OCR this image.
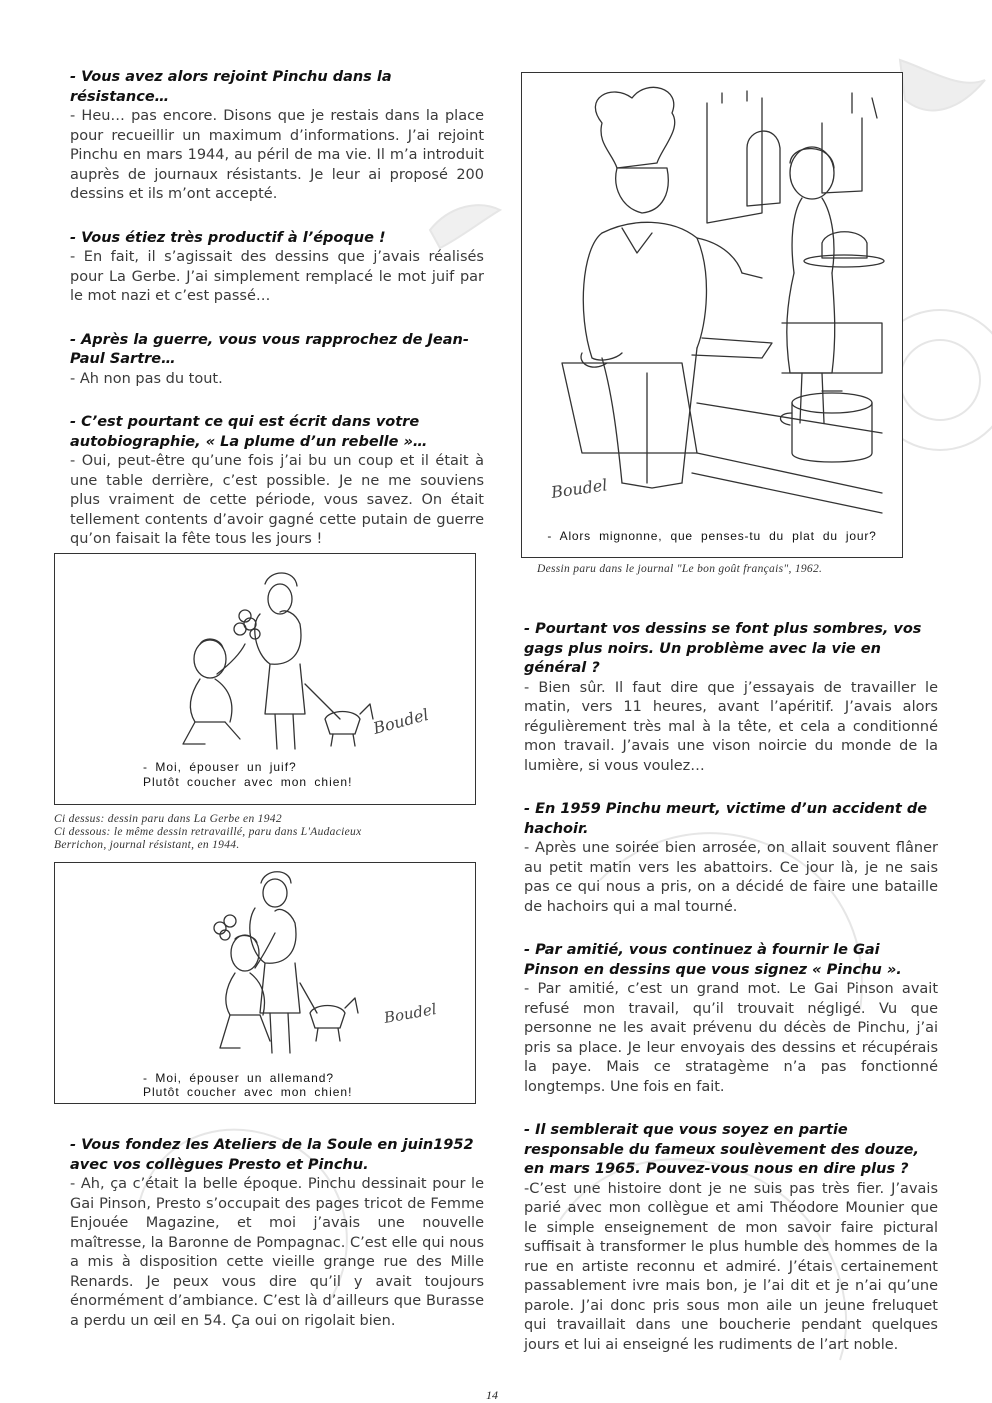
- Vous avez alors rejoint Pinchu dans la résistance…
- Heu… pas encore. Disons que je restais dans la place pour recueillir un maximum d’informations. J’ai rejoint Pinchu en mars 1944, au péril de ma vie. Il m’a introduit auprès de journaux résistants. Je leur ai proposé 200 dessins et ils m’ont accepté.
- Vous étiez très productif à l’époque !
- En fait, il s’agissait des dessins que j’avais réalisés pour La Gerbe. J’ai simplement remplacé le mot juif par le mot nazi et c’est passé…
- Après la guerre, vous vous rapprochez de Jean-Paul Sartre…
- Ah non pas du tout.
- C’est pourtant ce qui est écrit dans votre autobiographie, « La plume d’un rebelle »…
- Oui, peut-être qu’une fois j’ai bu un coup et il était à une table derrière, c’est possible. Je ne me souviens plus vraiment de cette période, vous savez. On était tellement contents d’avoir gagné cette putain de guerre qu’on faisait la fête tous les jours !
Boudel
- Alors mignonne, que penses-tu du plat du jour?
Dessin paru dans le journal "Le bon goût français", 1962.
- Pourtant vos dessins se font plus sombres, vos gags plus noirs. Un problème avec la vie en général ?
- Bien sûr. Il faut dire que j’essayais de travailler le matin, vers 11 heures, avant l’apéritif. J’avais alors régulièrement très mal à la tête, et cela a conditionné mon travail. J’avais une vison noircie du monde de la lumière, si vous voulez…
- En 1959 Pinchu meurt, victime d’un accident de hachoir.
- Après une soirée bien arrosée, on allait souvent flâner au petit matin vers les abattoirs. Ce jour là, je ne sais pas ce qui nous a pris, on a décidé de faire une bataille de hachoirs qui a mal tourné.
- Par amitié, vous continuez à fournir le Gai Pinson en dessins que vous signez « Pinchu ».
- Par amitié, c’est un grand mot. Le Gai Pinson avait refusé mon travail, qu’il trouvait négligé. Vu que personne ne les avait prévenu du décès de Pinchu, j’ai pris sa place. Je leur envoyais des dessins et récupérais la paye. Mais ce stratagème n’a pas fonctionné longtemps. Une fois en fait.
- Il semblerait que vous soyez en partie responsable du fameux soulèvement des douze, en mars 1965. Pouvez-vous nous en dire plus ?
-C’est une histoire dont je ne suis pas très fier. J’avais parié avec mon collègue et ami Théodore Mounier que le simple enseignement de mon savoir faire pictural suffisait à transformer le plus humble des hommes de la rue en artiste reconnu et admiré. J’étais certainement passablement ivre mais bon, je l’ai dit et je n’ai qu’une parole. J’ai donc pris sous mon aile un jeune freluquet qui travaillait dans une boucherie pendant quelques jours et lui ai enseigné les rudiments de l’art noble.
Boudel
- Moi, épouser un juif?
Plutôt coucher avec mon chien!
Ci dessus: dessin paru dans La Gerbe en 1942
Ci dessous: le même dessin retravaillé, paru dans L'Audacieux
Berrichon, journal résistant, en 1944.
Boudel
- Moi, épouser un allemand?
Plutôt coucher avec mon chien!
- Vous fondez les Ateliers de la Soule en juin1952 avec vos collègues Presto et Pinchu.
- Ah, ça c’était la belle époque. Pinchu dessinait pour le Gai Pinson, Presto s’occupait des pages tricot de Femme Enjouée Magazine, et moi j’avais une nouvelle maîtresse, la Baronne de Pompagnac. C’est elle qui nous a mis à disposition cette vieille grange rue des Mille Renards. Je peux vous dire qu’il y avait toujours énormément d’ambiance. C’est là d’ailleurs que Burasse a perdu un œil en 54. Ça oui on rigolait bien.
14
